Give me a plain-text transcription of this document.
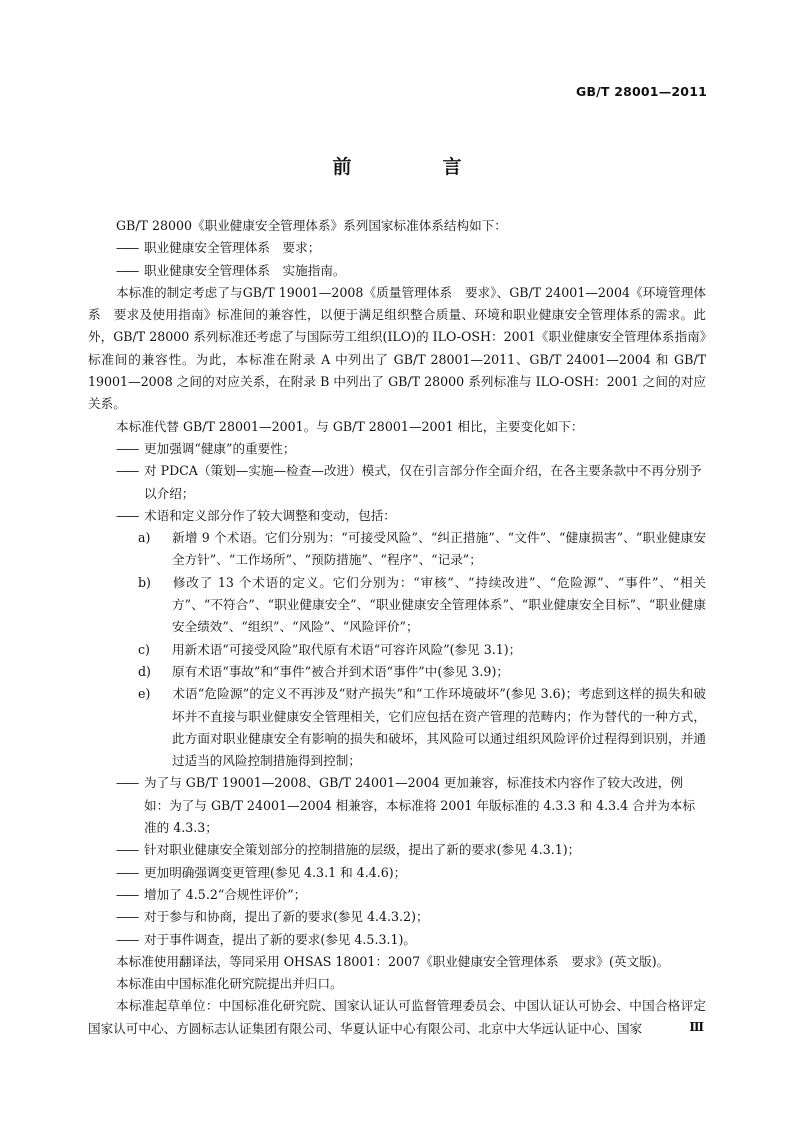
GB/T 28001—2011
前　言

GB/T 28000《职业健康安全管理体系》系列国家标准体系结构如下：

—— 职业健康安全管理体系　要求；

—— 职业健康安全管理体系　实施指南。

本标准的制定考虑了与GB/T 19001—2008《质量管理体系　要求》、GB/T 24001—2004《环境管理体系　要求及使用指南》标准间的兼容性，以便于满足组织整合质量、环境和职业健康安全管理体系的需求。此外，GB/T 28000 系列标准还考虑了与国际劳工组织(ILO)的 ILO-OSH：2001《职业健康安全管理体系指南》标准间的兼容性。为此，本标准在附录 A 中列出了 GB/T 28001—2011、GB/T 24001—2004 和 GB/T 19001—2008 之间的对应关系，在附录 B 中列出了 GB/T 28000 系列标准与 ILO-OSH：2001 之间的对应关系。

本标准代替 GB/T 28001—2001。与 GB/T 28001—2001 相比，主要变化如下：

—— 更加强调“健康”的重要性；

—— 对 PDCA（策划—实施—检查—改进）模式，仅在引言部分作全面介绍，在各主要条款中不再分别予以介绍；

—— 术语和定义部分作了较大调整和变动，包括：

a) 新增 9 个术语。它们分别为：“可接受风险”、“纠正措施”、“文件”、“健康损害”、“职业健康安全方针”、“工作场所”、“预防措施”、“程序”、“记录”；

b) 修改了 13 个术语的定义。它们分别为：“审核”、“持续改进”、“危险源”、“事件”、“相关方”、“不符合”、“职业健康安全”、“职业健康安全管理体系”、“职业健康安全目标”、“职业健康安全绩效”、“组织”、“风险”、“风险评价”；

c) 用新术语“可接受风险”取代原有术语“可容许风险”(参见 3.1)；

d) 原有术语“事故”和“事件”被合并到术语“事件”中(参见 3.9)；

e) 术语“危险源”的定义不再涉及“财产损失”和“工作环境破坏”(参见 3.6)；考虑到这样的损失和破坏并不直接与职业健康安全管理相关，它们应包括在资产管理的范畴内；作为替代的一种方式，此方面对职业健康安全有影响的损失和破坏，其风险可以通过组织风险评价过程得到识别，并通过适当的风险控制措施得到控制；

—— 为了与 GB/T 19001—2008、GB/T 24001—2004 更加兼容，标准技术内容作了较大改进，例如：为了与 GB/T 24001—2004 相兼容，本标准将 2001 年版标准的 4.3.3 和 4.3.4 合并为本标准的 4.3.3；

—— 针对职业健康安全策划部分的控制措施的层级，提出了新的要求(参见 4.3.1)；

—— 更加明确强调变更管理(参见 4.3.1 和 4.4.6)；

—— 增加了 4.5.2“合规性评价”；

—— 对于参与和协商，提出了新的要求(参见 4.4.3.2)；

—— 对于事件调查，提出了新的要求(参见 4.5.3.1)。

本标准使用翻译法，等同采用 OHSAS 18001：2007《职业健康安全管理体系　要求》(英文版)。

本标准由中国标准化研究院提出并归口。

本标准起草单位：中国标准化研究院、国家认证认可监督管理委员会、中国认证认可协会、中国合格评定国家认可中心、方圆标志认证集团有限公司、华夏认证中心有限公司、北京中大华远认证中心、国家	Ⅲ
